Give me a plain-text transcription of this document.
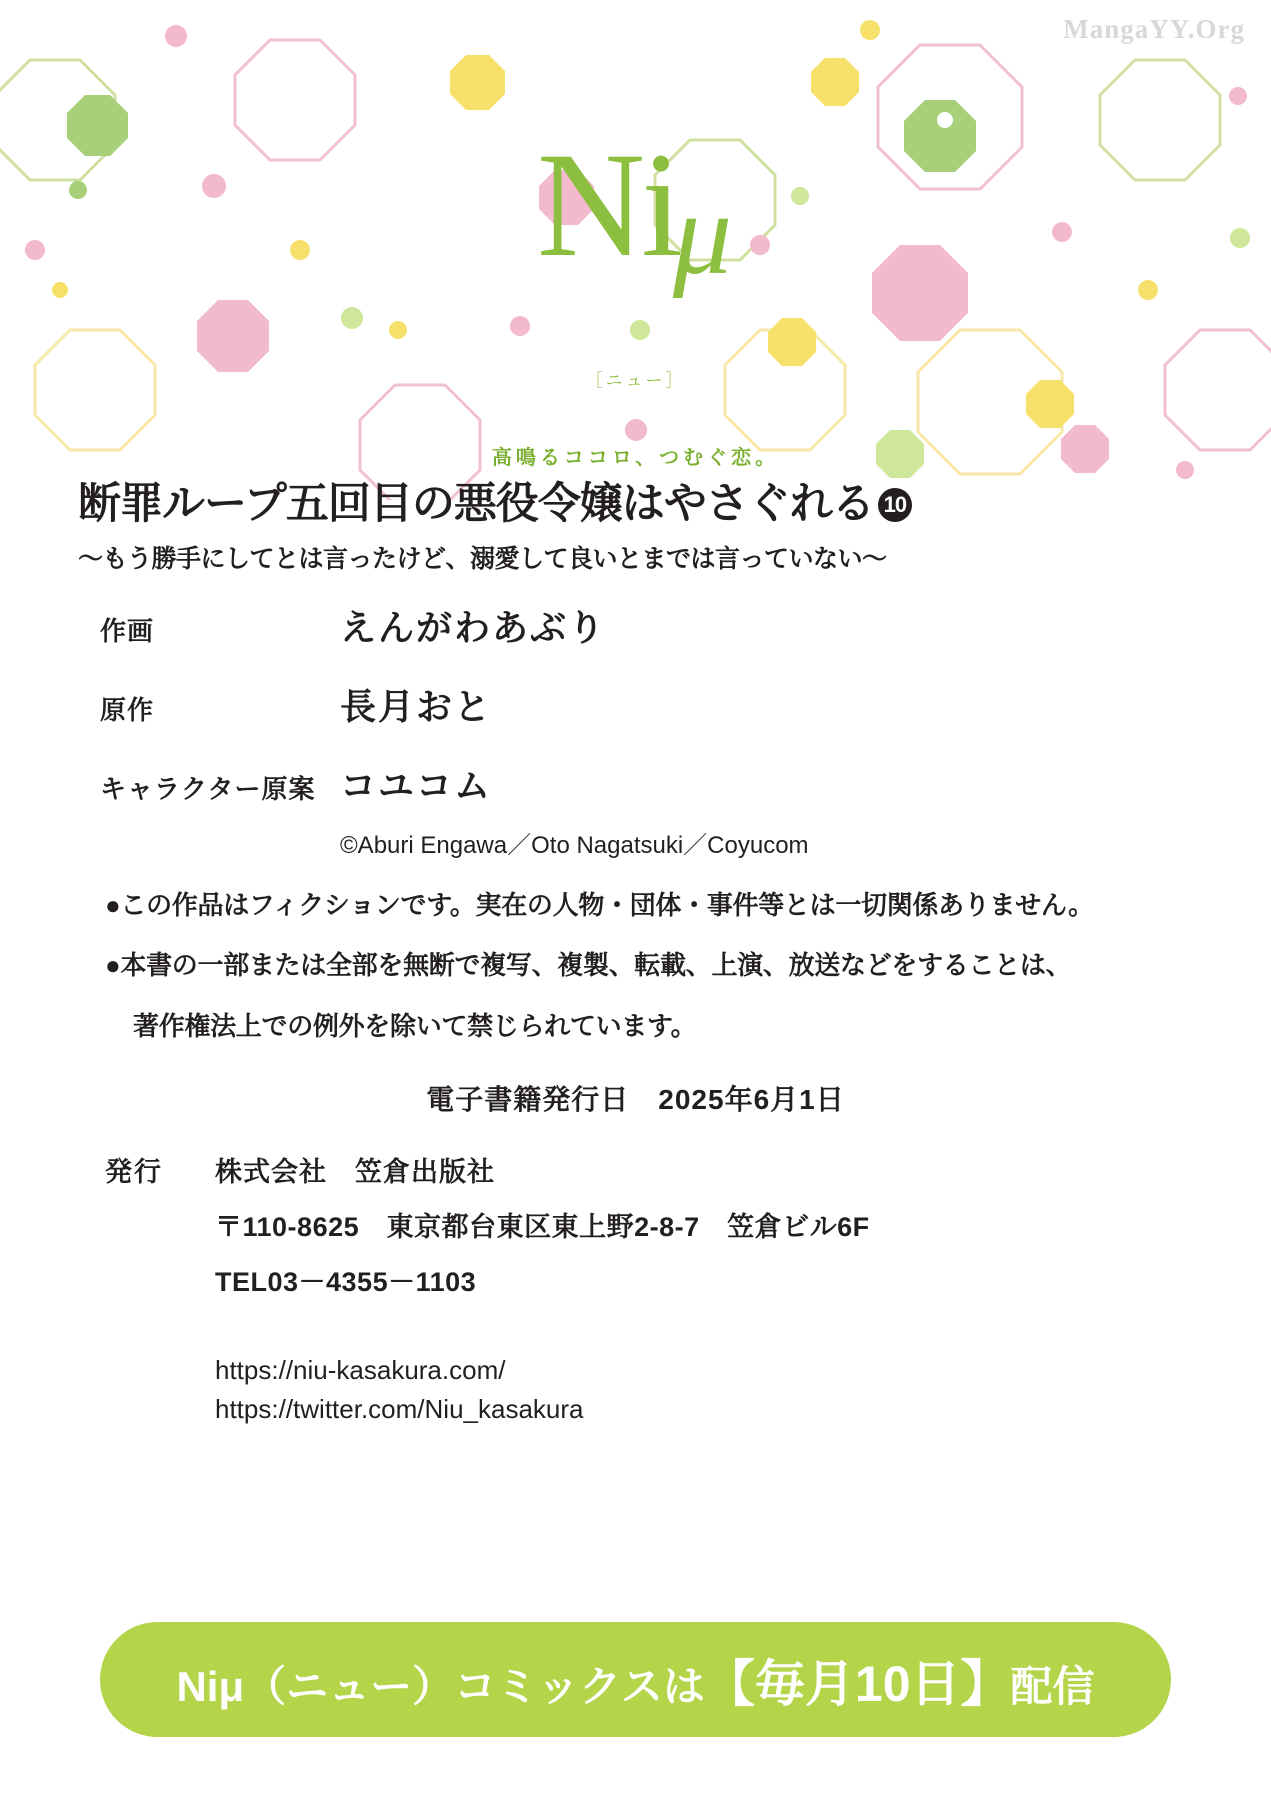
MangaYY.Org
Niμ
［ニュー］
高鳴るココロ、つむぐ恋。
断罪ループ五回目の悪役令嬢はやさぐれる 10
〜もう勝手にしてとは言ったけど、溺愛して良いとまでは言っていない〜
作画	えんがわあぶり
原作	長月おと
キャラクター原案 コユコム
©Aburi Engawa／Oto Nagatsuki／Coyucom
●この作品はフィクションです。実在の人物・団体・事件等とは一切関係ありません。
●本書の一部または全部を無断で複写、複製、転載、上演、放送などをすることは、
著作権法上での例外を除いて禁じられています。
電子書籍発行日　2025年6月1日
発行	株式会社　笠倉出版社
〒110-8625　東京都台東区東上野2-8-7　笠倉ビル6F
TEL03－4355－1103
https://niu-kasakura.com/
https://twitter.com/Niu_kasakura
Niμ（ニュー）コミックスは【毎月10日】配信
